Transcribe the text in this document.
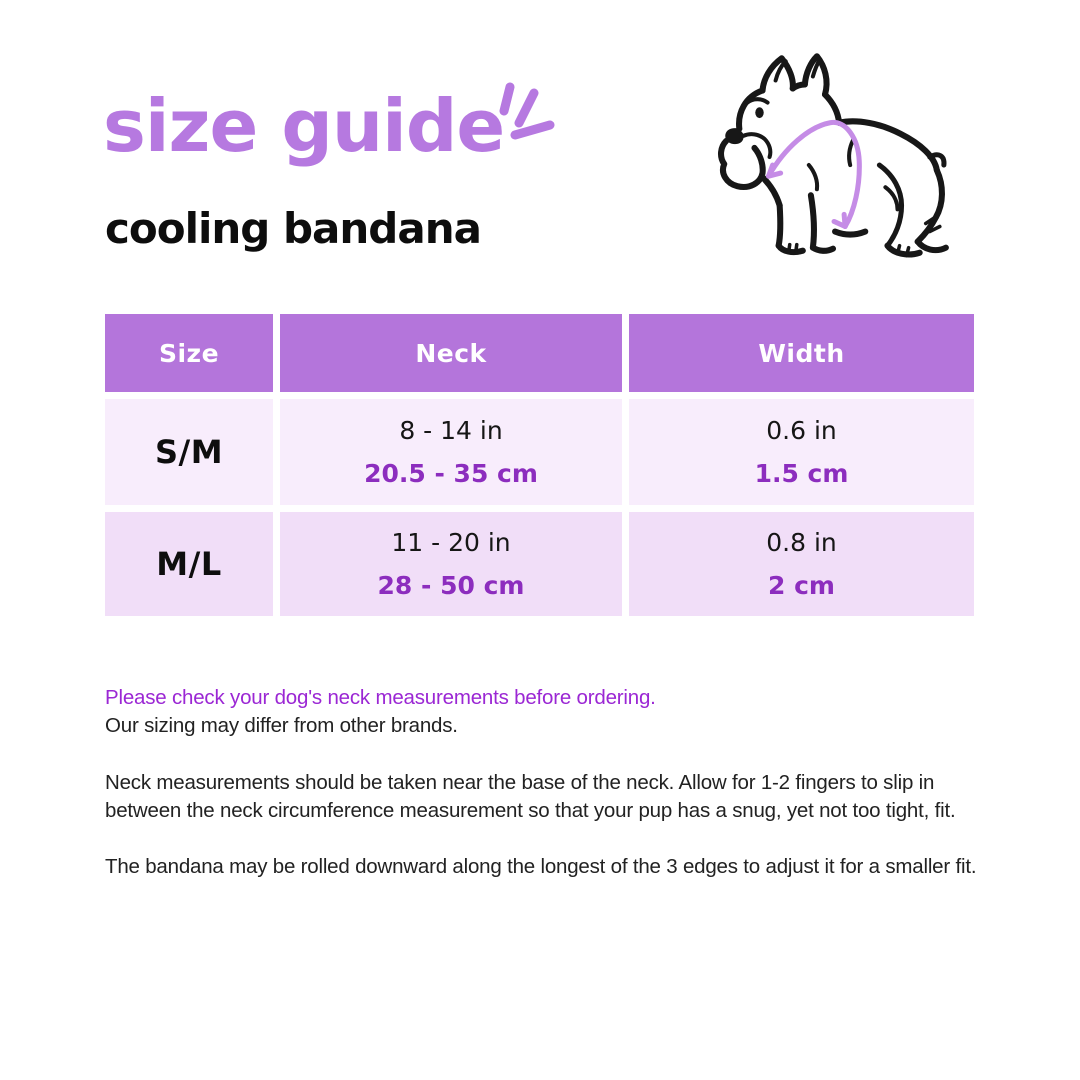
size guide
cooling bandana
Size	Neck	Width
S/M
8 - 14 in
20.5 - 35 cm
0.6 in
1.5 cm
M/L
11 - 20 in
28 - 50 cm
0.8 in
2 cm

Please check your dog's neck measurements before ordering.
Our sizing may differ from other brands.

Neck measurements should be taken near the base of the neck. Allow for 1-2 fingers to slip in between the neck circumference measurement so that your pup has a snug, yet not too tight, fit.

The bandana may be rolled downward along the longest of the 3 edges to adjust it for a smaller fit.
